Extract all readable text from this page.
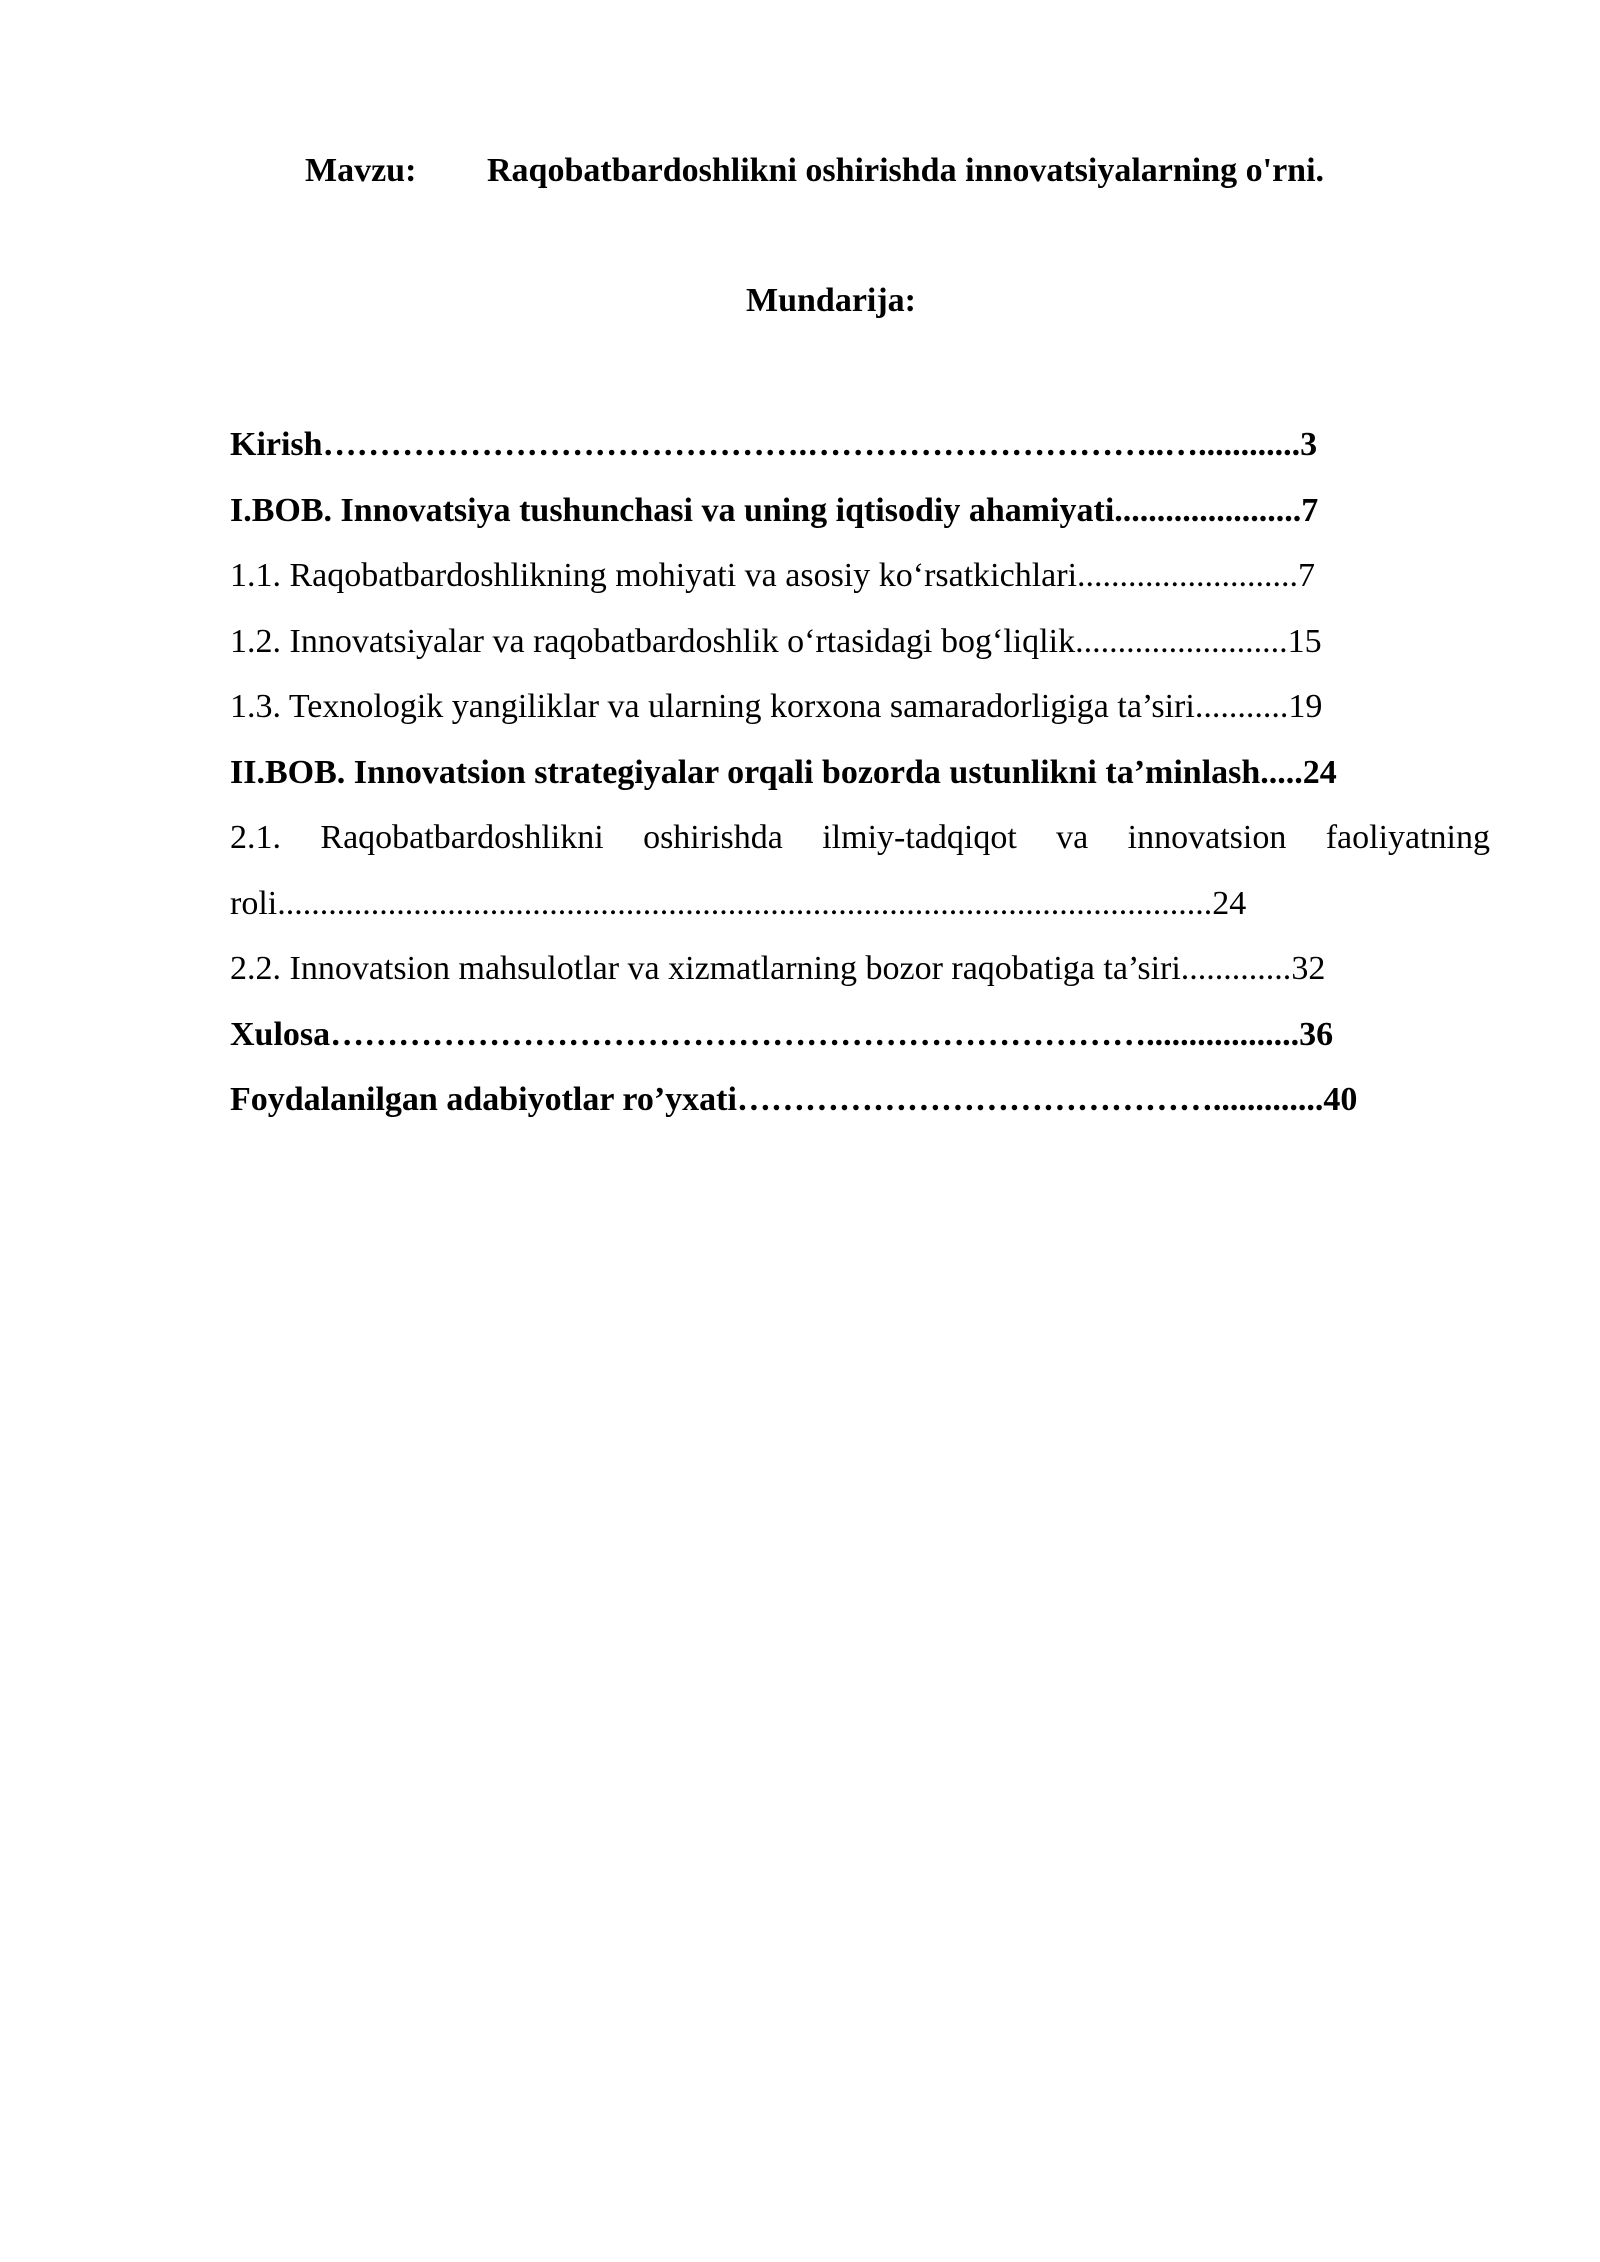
Mavzu: Raqobatbardoshlikni oshirishda innovatsiyalarning o'rni.
Mundarija:
Kirish…………………………………….…………………………..…............ 3
I.BOB. Innovatsiya tushunchasi va uning iqtisodiy ahamiyati...................... 7
1.1. Raqobatbardoshlikning mohiyati va asosiy koʻrsatkichlari.......................... 7
1.2. Innovatsiyalar va raqobatbardoshlik oʻrtasidagi bogʻliqlik......................... 15
1.3. Texnologik yangiliklar va ularning korxona samaradorligiga ta’siri........... 19
II.BOB. Innovatsion strategiyalar orqali bozorda ustunlikni ta’minlash..... 24
2.1. Raqobatbardoshlikni oshirishda ilmiy-tadqiqot va innovatsion faoliyatning
roli.............................................................................................................. 24
2.2. Innovatsion mahsulotlar va xizmatlarning bozor raqobatiga ta’siri............. 32
Xulosa……………………………………………………………….................. 36
Foydalanilgan adabiyotlar ro’yxati……………………………………............. 40
